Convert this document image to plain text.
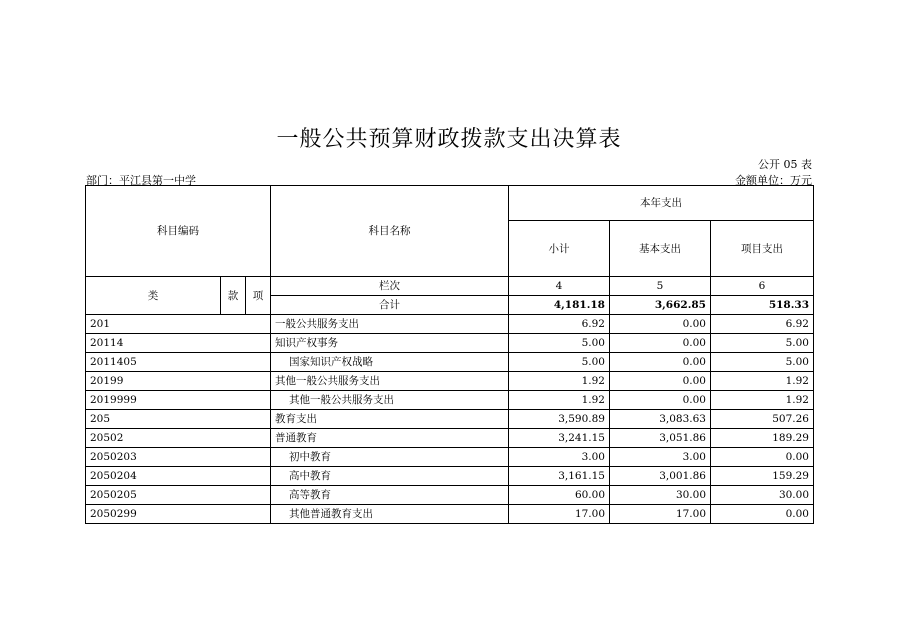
一般公共预算财政拨款支出决算表
公开 05 表
部门：平江县第一中学	金额单位：万元
科目编码			科目名称	本年支出		
				小计	基本支出	项目支出
类	款	项	栏次	4	5	6
			合计	4,181.18	3,662.85	518.33
201			一般公共服务支出	6.92	0.00	6.92
20114			知识产权事务	5.00	0.00	5.00
2011405			国家知识产权战略	5.00	0.00	5.00
20199			其他一般公共服务支出	1.92	0.00	1.92
2019999			其他一般公共服务支出	1.92	0.00	1.92
205			教育支出	3,590.89	3,083.63	507.26
20502			普通教育	3,241.15	3,051.86	189.29
2050203			初中教育	3.00	3.00	0.00
2050204			高中教育	3,161.15	3,001.86	159.29
2050205			高等教育	60.00	30.00	30.00
2050299			其他普通教育支出	17.00	17.00	0.00
